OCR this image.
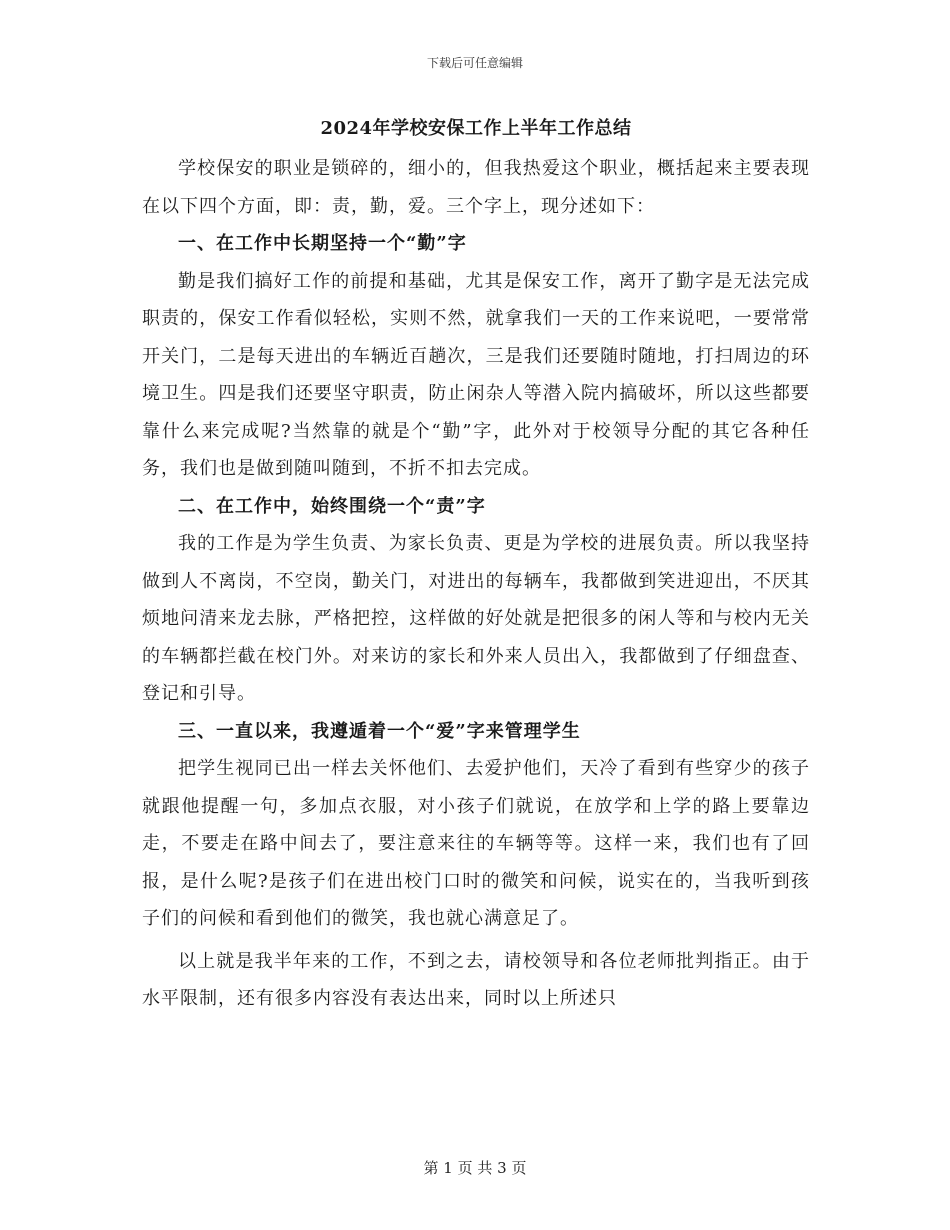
下载后可任意编辑
2024年学校安保工作上半年工作总结

学校保安的职业是锁碎的，细小的，但我热爱这个职业，概括起来主要表现在以下四个方面，即：责，勤，爱。三个字上，现分述如下：

一、在工作中长期坚持一个“勤”字

勤是我们搞好工作的前提和基础，尤其是保安工作，离开了勤字是无法完成职责的，保安工作看似轻松，实则不然，就拿我们一天的工作来说吧，一要常常开关门，二是每天进出的车辆近百趟次，三是我们还要随时随地，打扫周边的环境卫生。四是我们还要坚守职责，防止闲杂人等潜入院内搞破坏，所以这些都要靠什么来完成呢?当然靠的就是个“勤”字，此外对于校领导分配的其它各种任务，我们也是做到随叫随到，不折不扣去完成。

二、在工作中，始终围绕一个“责”字

我的工作是为学生负责、为家长负责、更是为学校的进展负责。所以我坚持做到人不离岗，不空岗，勤关门，对进出的每辆车，我都做到笑进迎出，不厌其烦地问清来龙去脉，严格把控，这样做的好处就是把很多的闲人等和与校内无关的车辆都拦截在校门外。对来访的家长和外来人员出入，我都做到了仔细盘查、登记和引导。

三、一直以来，我遵遁着一个“爱”字来管理学生

把学生视同已出一样去关怀他们、去爱护他们，天冷了看到有些穿少的孩子就跟他提醒一句，多加点衣服，对小孩子们就说，在放学和上学的路上要靠边走，不要走在路中间去了，要注意来往的车辆等等。这样一来，我们也有了回报，是什么呢?是孩子们在进出校门口时的微笑和问候，说实在的，当我听到孩子们的问候和看到他们的微笑，我也就心满意足了。

以上就是我半年来的工作，不到之去，请校领导和各位老师批判指正。由于水平限制，还有很多内容没有表达出来，同时以上所述只

第 1 页 共 3 页
